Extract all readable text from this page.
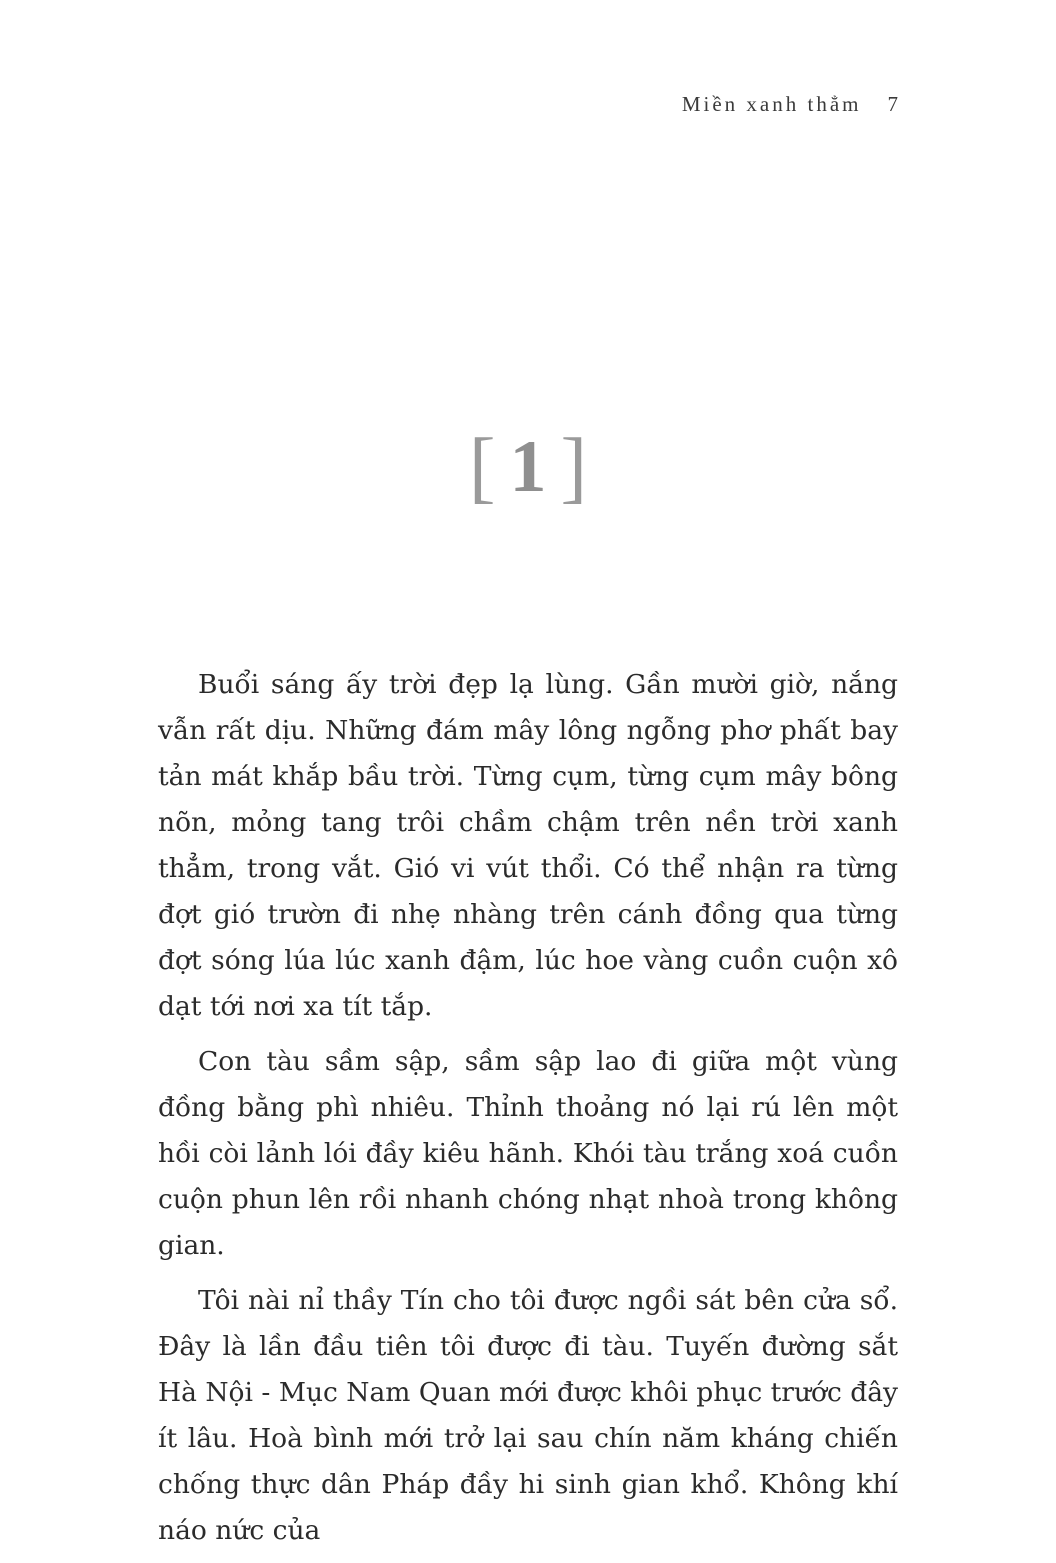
Miền xanh thẳm 7
[ 1 ]

Buổi sáng ấy trời đẹp lạ lùng. Gần mười giờ, nắng vẫn rất dịu. Những đám mây lông ngỗng phơ phất bay tản mát khắp bầu trời. Từng cụm, từng cụm mây bông nõn, mỏng tang trôi chầm chậm trên nền trời xanh thẳm, trong vắt. Gió vi vút thổi. Có thể nhận ra từng đợt gió trườn đi nhẹ nhàng trên cánh đồng qua từng đợt sóng lúa lúc xanh đậm, lúc hoe vàng cuồn cuộn xô dạt tới nơi xa tít tắp.

Con tàu sầm sập, sầm sập lao đi giữa một vùng đồng bằng phì nhiêu. Thỉnh thoảng nó lại rú lên một hồi còi lảnh lói đầy kiêu hãnh. Khói tàu trắng xoá cuồn cuộn phun lên rồi nhanh chóng nhạt nhoà trong không gian.

Tôi nài nỉ thầy Tín cho tôi được ngồi sát bên cửa sổ. Đây là lần đầu tiên tôi được đi tàu. Tuyến đường sắt Hà Nội - Mục Nam Quan mới được khôi phục trước đây ít lâu. Hoà bình mới trở lại sau chín năm kháng chiến chống thực dân Pháp đầy hi sinh gian khổ. Không khí náo nức của
